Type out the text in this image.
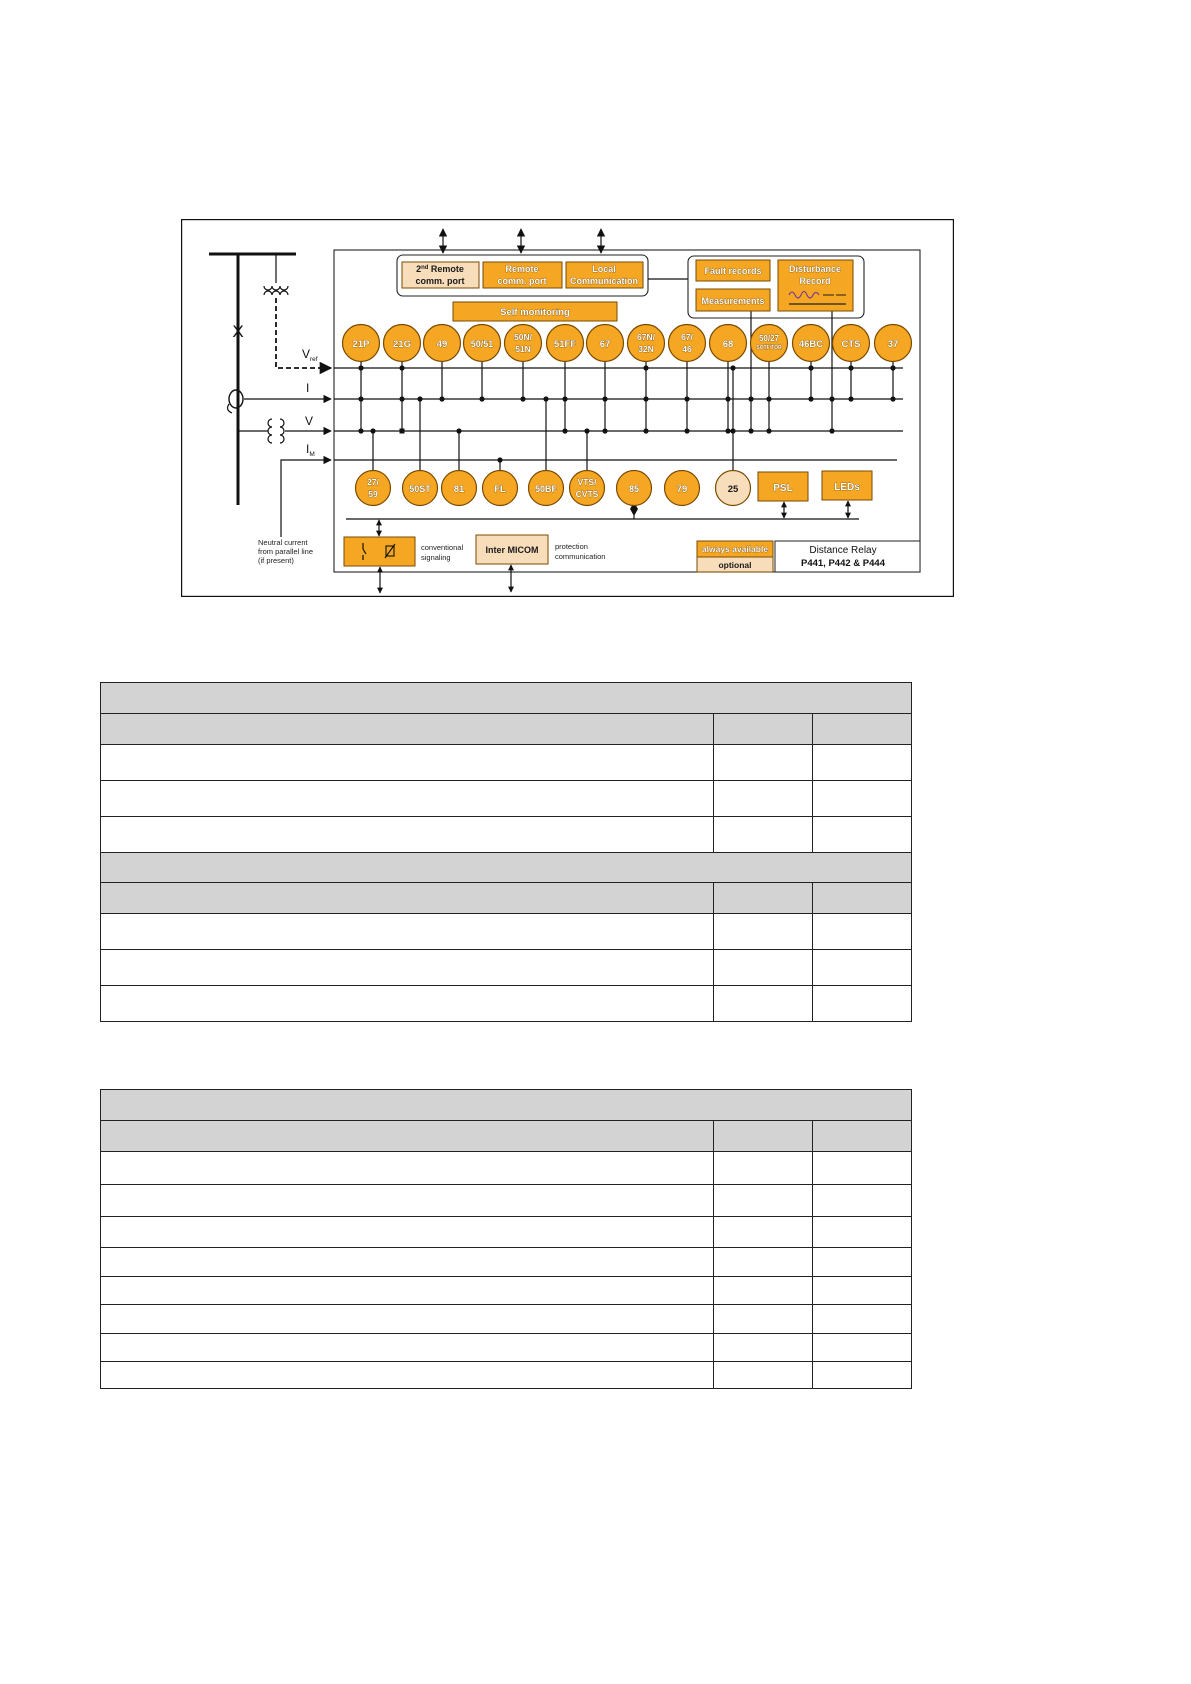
X
$V_{ref}$
I
V
$I_M$
Neutral current
from parallel line
(if present)
2nd Remote
comm. port
Remote
comm. port
Local
Communication
Fault records
Measurements
Disturbance
Record
Self monitoring
21P 21G	49	50/51
50N/
51N 51FF 67
67N/
32N
67/
46	68
50/27
SOTF/TOR 46BC CTS	37
27/
59	50ST 81	FL	50BF
VTS/
CVTS	85	79	25	PSL	LEDs
conventional
signaling
Inter MICOM protection
communication
always available
optional
Distance Relay
P441, P442 & P444
